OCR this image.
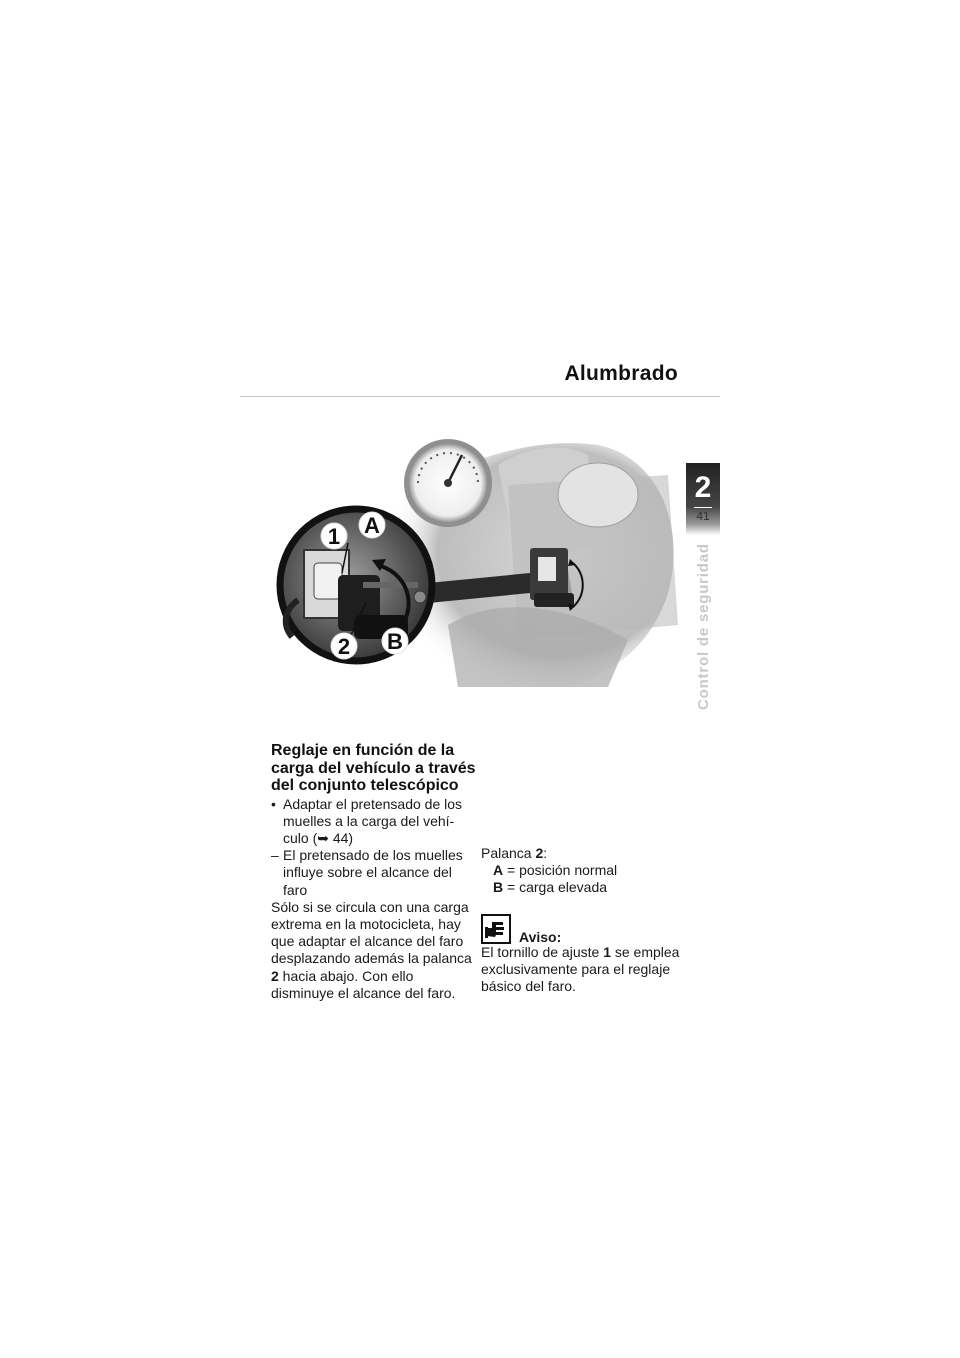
Alumbrado
2
41
Control de seguridad
1 A
2 B
Reglaje en función de la carga del vehículo a través del conjunto telescópico
• Adaptar el pretensado de los muelles a la carga del vehí-culo (➥ 44)
– El pretensado de los muelles influye sobre el alcance del faro

Sólo si se circula con una carga extrema en la motocicleta, hay que adaptar el alcance del faro desplazando además la palanca 2 hacia abajo. Con ello disminuye el alcance del faro.

Palanca 2:
A = posición normal
B = carga elevada
Aviso:

El tornillo de ajuste 1 se emplea exclusivamente para el reglaje básico del faro.
